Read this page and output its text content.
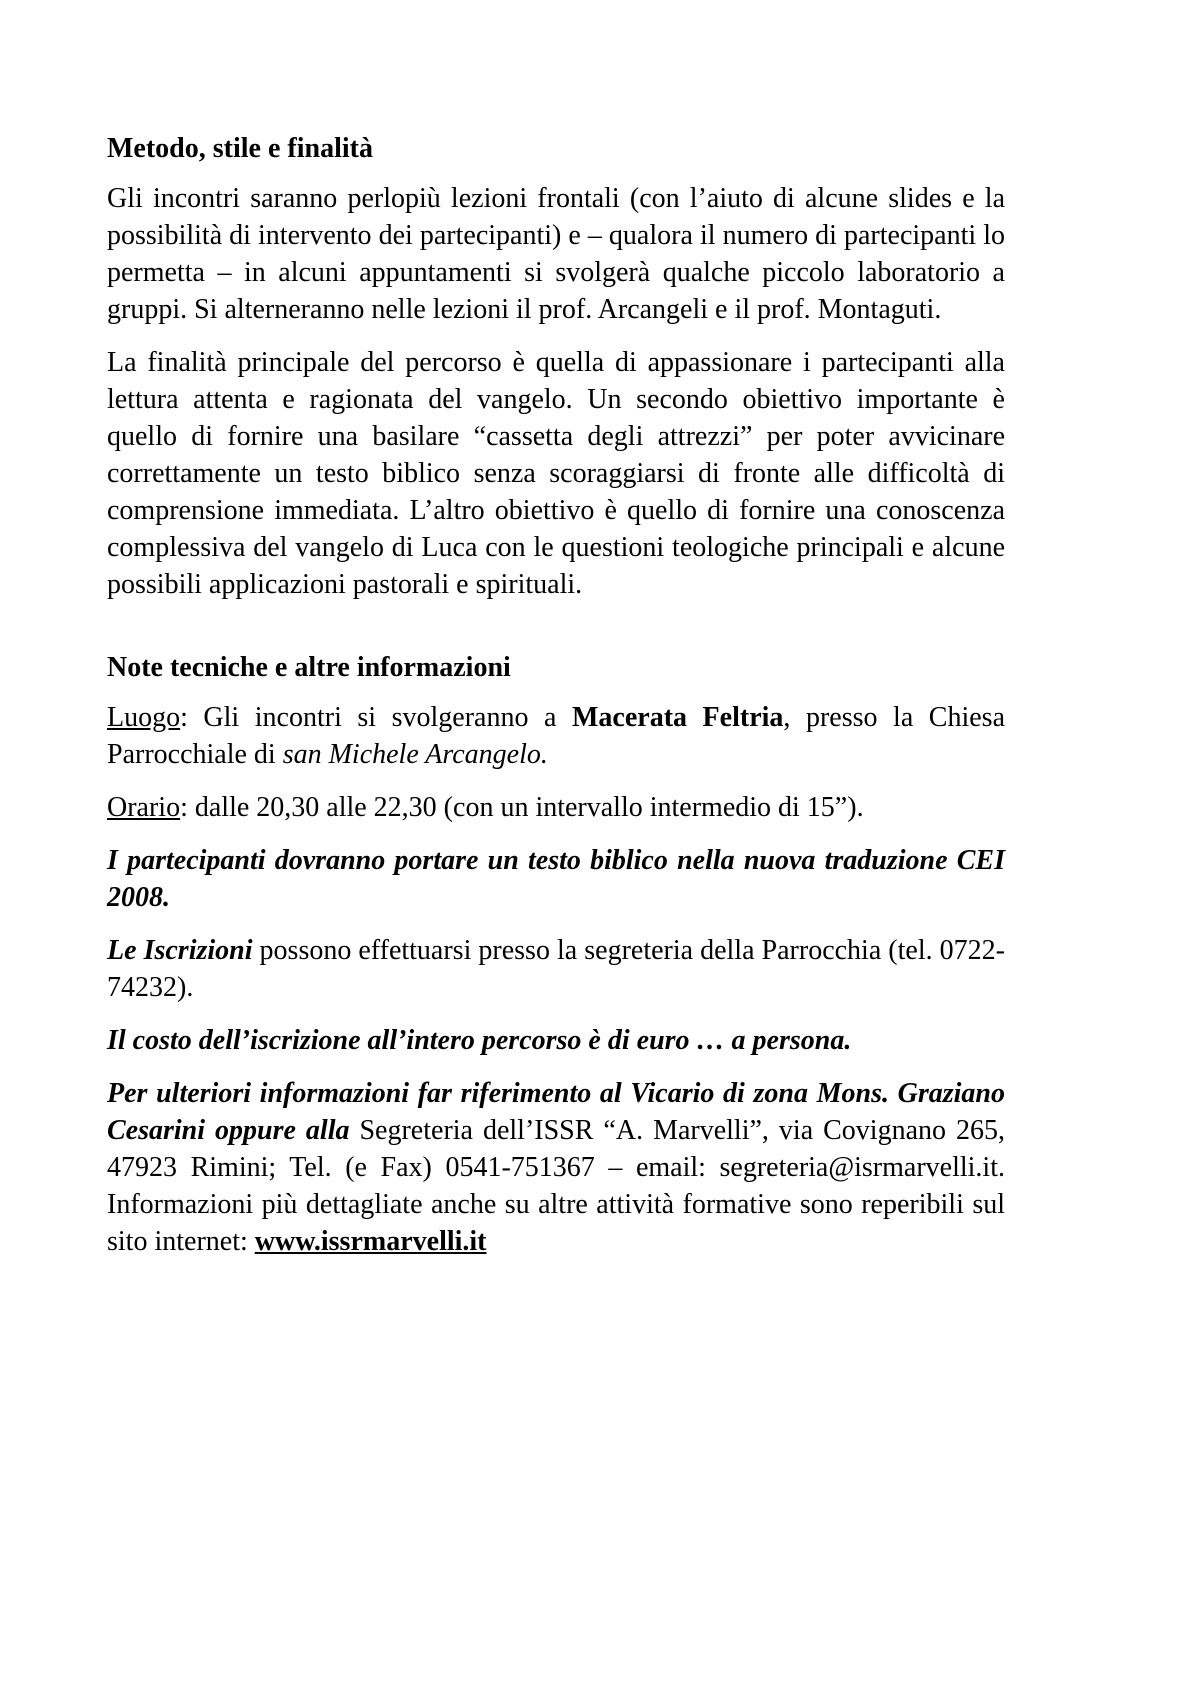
Metodo, stile e finalità

Gli incontri saranno perlopiù lezioni frontali (con l’aiuto di alcune slides e la possibilità di intervento dei partecipanti) e – qualora il numero di partecipanti lo permetta – in alcuni appuntamenti si svolgerà qualche piccolo laboratorio a gruppi. Si alterneranno nelle lezioni il prof. Arcangeli e il prof. Montaguti.

La finalità principale del percorso è quella di appassionare i partecipanti alla lettura attenta e ragionata del vangelo. Un secondo obiettivo importante è quello di fornire una basilare “cassetta degli attrezzi” per poter avvicinare correttamente un testo biblico senza scoraggiarsi di fronte alle difficoltà di comprensione immediata. L’altro obiettivo è quello di fornire una conoscenza complessiva del vangelo di Luca con le questioni teologiche principali e alcune possibili applicazioni pastorali e spirituali.

Note tecniche e altre informazioni

Luogo: Gli incontri si svolgeranno a Macerata Feltria, presso la Chiesa Parrocchiale di san Michele Arcangelo.

Orario: dalle 20,30 alle 22,30 (con un intervallo intermedio di 15”).

I partecipanti dovranno portare un testo biblico nella nuova traduzione CEI 2008.

Le Iscrizioni possono effettuarsi presso la segreteria della Parrocchia (tel. 0722-74232).

Il costo dell’iscrizione all’intero percorso è di euro … a persona.

Per ulteriori informazioni far riferimento al Vicario di zona Mons. Graziano Cesarini oppure alla Segreteria dell’ISSR “A. Marvelli”, via Covignano 265, 47923 Rimini; Tel. (e Fax) 0541-751367 – email: segreteria@isrmarvelli.it. Informazioni più dettagliate anche su altre attività formative sono reperibili sul sito internet: www.issrmarvelli.it
